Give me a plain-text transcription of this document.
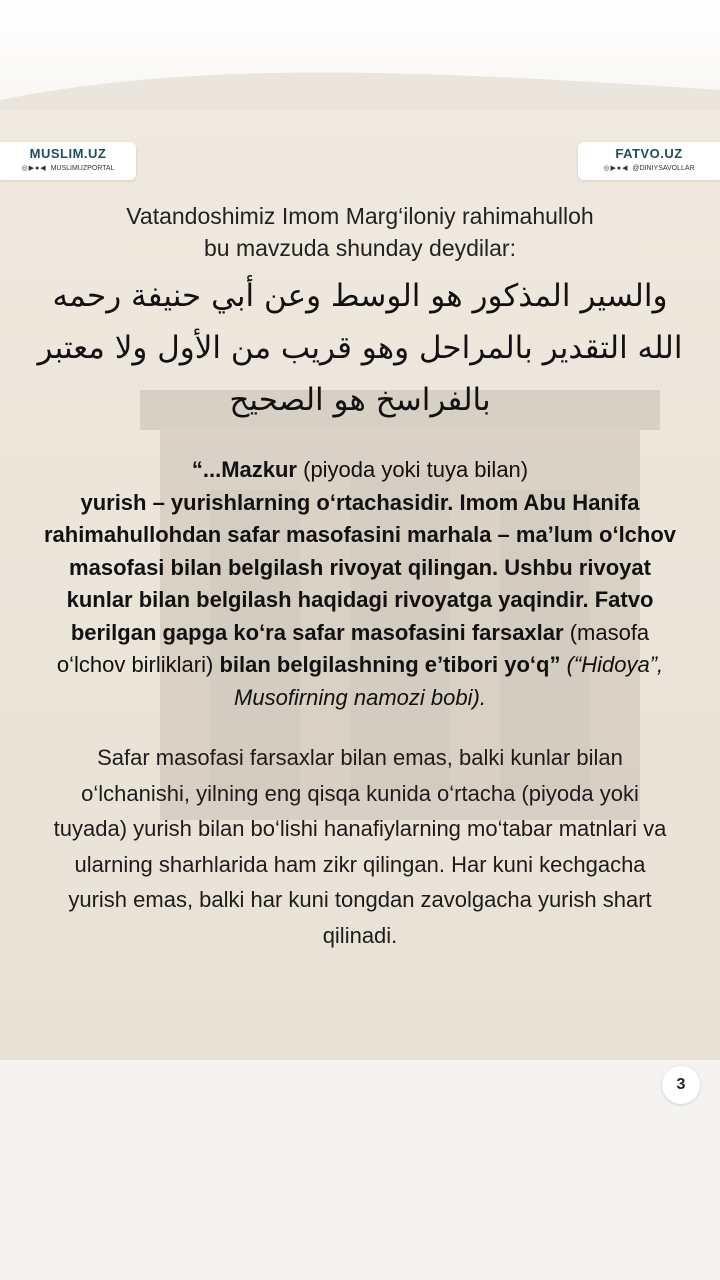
MUSLIM.UZ
◎▶●◀ MUSLIMUZPORTAL
FATVO.UZ
◎▶●◀ @DINIYSAVOLLAR

Vatandoshimiz Imom Marg‘iloniy rahimahulloh
bu mavzuda shunday deydilar:

والسير المذكور هو الوسط وعن أبي حنيفة رحمه الله التقدير بالمراحل وهو قريب من الأول ولا معتبر بالفراسخ هو الصحيح

“...Mazkur (piyoda yoki tuya bilan)
yurish – yurishlarning o‘rtachasidir. Imom Abu Hanifa rahimahullohdan safar masofasini marhala – ma’lum o‘lchov masofasi bilan belgilash rivoyat qilingan. Ushbu rivoyat kunlar bilan belgilash haqidagi rivoyatga yaqindir. Fatvo berilgan gapga ko‘ra safar masofasini farsaxlar (masofa o‘lchov birliklari) bilan belgilashning e’tibori yo‘q” (“Hidoya”, Musofirning namozi bobi).

Safar masofasi farsaxlar bilan emas, balki kunlar bilan o‘lchanishi, yilning eng qisqa kunida o‘rtacha (piyoda yoki tuyada) yurish bilan bo‘lishi hanafiylarning mo‘tabar matnlari va ularning sharhlarida ham zikr qilingan. Har kuni kechgacha yurish emas, balki har kuni tongdan zavolgacha yurish shart qilinadi.

3
